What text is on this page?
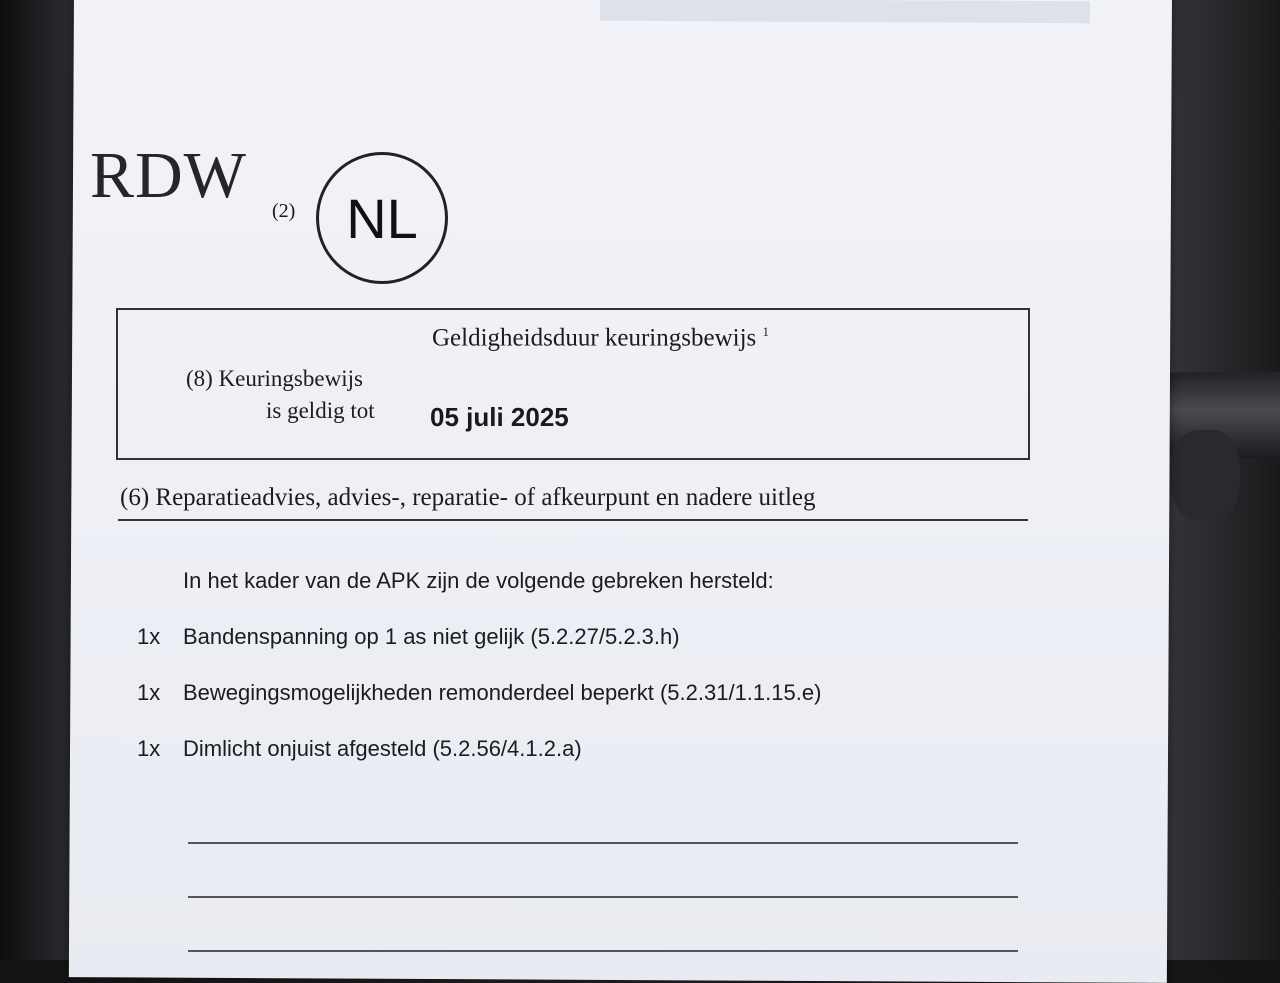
RDW (2) NL
Geldigheidsduur keuringsbewijs $^1$
(8) Keuringsbewijs
is geldig tot 05 juli 2025
(6) Reparatieadvies, advies-, reparatie- of afkeurpunt en nadere uitleg
In het kader van de APK zijn de volgende gebreken hersteld:
1x Bandenspanning op 1 as niet gelijk (5.2.27/5.2.3.h)
1x Bewegingsmogelijkheden remonderdeel beperkt (5.2.31/1.1.15.e)
1x Dimlicht onjuist afgesteld (5.2.56/4.1.2.a)
